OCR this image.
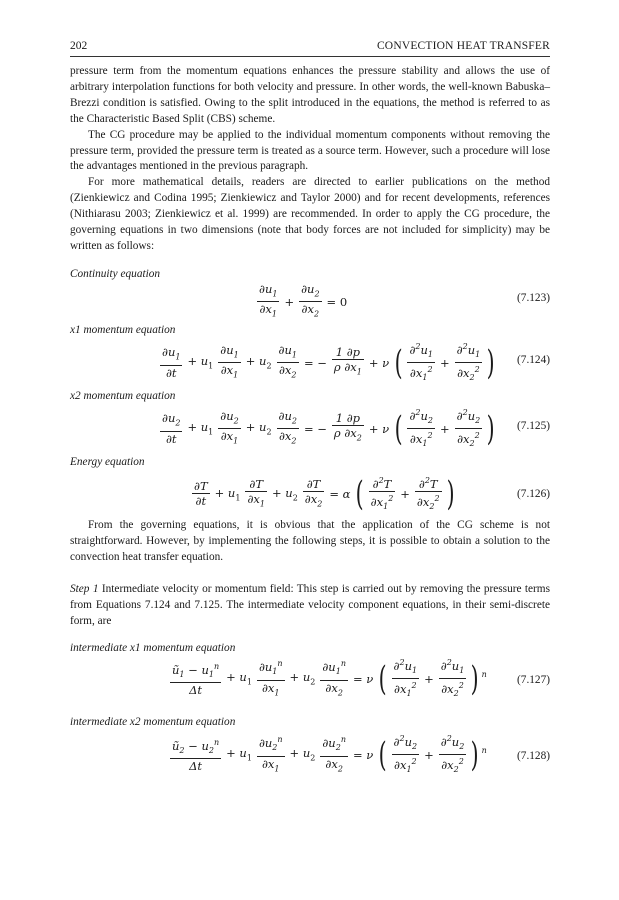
202	CONVECTION HEAT TRANSFER

pressure term from the momentum equations enhances the pressure stability and allows the use of arbitrary interpolation functions for both velocity and pressure. In other words, the well-known Babuska–Brezzi condition is satisfied. Owing to the split introduced in the equations, the method is referred to as the Characteristic Based Split (CBS) scheme.

The CG procedure may be applied to the individual momentum components without removing the pressure term, provided the pressure term is treated as a source term. However, such a procedure will lose the advantages mentioned in the previous paragraph.

For more mathematical details, readers are directed to earlier publications on the method (Zienkiewicz and Codina 1995; Zienkiewicz and Taylor 2000) and for recent developments, references (Nithiarasu 2003; Zienkiewicz et al. 1999) are recommended. In order to apply the CG procedure, the governing equations in two dimensions (note that body forces are not included for simplicity) may be written as follows:

Continuity equation
$\frac{\partial u_1}{\partial x_1} + \frac{\partial u_2}{\partial x_2} = 0$	(7.123)
x1 momentum equation
$\frac{\partial u_1}{\partial t} + u_1 \frac{\partial u_1}{\partial x_1} + u_2 \frac{\partial u_1}{\partial x_2}$ = − $\frac{1 \partial p}{\rho \partial x_1} + \nu$ ( $\frac{\partial^2u_1}{\partial x_1^2} + \frac{\partial^2u_1}{\partial x_2^2}$ ) (7.124)
x2 momentum equation
$\frac{\partial u_2}{\partial t} + u_1 \frac{\partial u_2}{\partial x_1} + u_2 \frac{\partial u_2}{\partial x_2}$ = − $\frac{1 \partial p}{\rho \partial x_2} + \nu$ ( $\frac{\partial^2u_2}{\partial x_1^2} + \frac{\partial^2u_2}{\partial x_2^2}$ ) (7.125)
Energy equation
$\frac{\partial T}{\partial t} + u_1 \frac{\partial T}{\partial x_1} + u_2 \frac{\partial T}{\partial x_2} = \alpha$ ( $\frac{\partial^2T}{\partial x_1^2} + \frac{\partial^2T}{\partial x_2^2}$ )	(7.126)

From the governing equations, it is obvious that the application of the CG scheme is not straightforward. However, by implementing the following steps, it is possible to obtain a solution to the convection heat transfer equation.

Step 1 Intermediate velocity or momentum field: This step is carried out by removing the pressure terms from Equations 7.124 and 7.125. The intermediate velocity component equations, in their semi-discrete form, are

intermediate x1 momentum equation
$\frac{ũ_1 - u_1^n}{\Delta t} + u_1 \frac{\partial u_1^n}{\partial x_1} + u_2 \frac{\partial u_1^n}{\partial x_2} = \nu$ ( $\frac{\partial^2u_1}{\partial x_1^2} + \frac{\partial^2u_1}{\partial x_2^2}$ ) $^n$	(7.127)
intermediate x2 momentum equation
$\frac{ũ_2 - u_2^n}{\Delta t} + u_1 \frac{\partial u_2^n}{\partial x_1} + u_2 \frac{\partial u_2^n}{\partial x_2} = \nu$ ( $\frac{\partial^2u_2}{\partial x_1^2} + \frac{\partial^2u_2}{\partial x_2^2}$ ) $^n$	(7.128)
